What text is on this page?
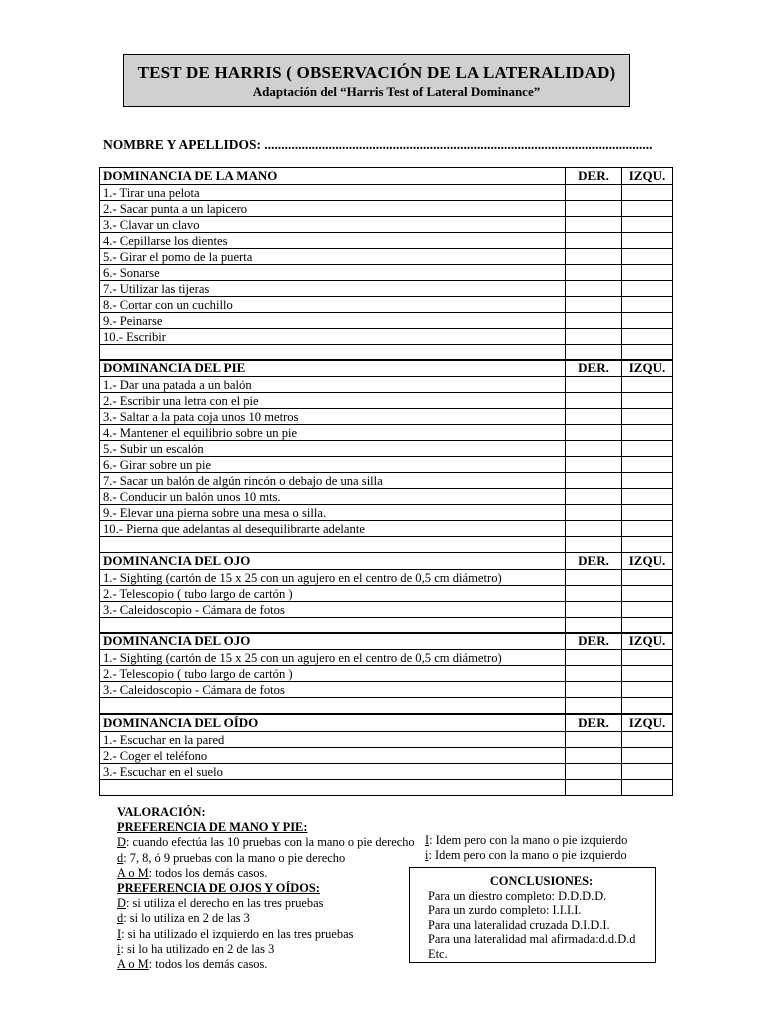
TEST DE HARRIS ( OBSERVACIÓN DE LA LATERALIDAD)
Adaptación del “Harris Test of Lateral Dominance”
NOMBRE Y APELLIDOS: ...................................................................................................................
DOMINANCIA DE LA MANO	DER.	IZQU.
1.- Tirar una pelota		
2.- Sacar punta a un lapicero		
3.- Clavar un clavo		
4.- Cepillarse los dientes		
5.- Girar el pomo de la puerta		
6.- Sonarse		
7.- Utilizar las tijeras		
8.- Cortar con un cuchillo		
9.- Peinarse		
10.- Escribir		

DOMINANCIA DEL PIE	DER.	IZQU.
1.- Dar una patada a un balón		
2.- Escribir una letra con el pie		
3.- Saltar a la pata coja unos 10 metros		
4.- Mantener el equilibrio sobre un pie		
5.- Subir un escalón		
6.- Girar sobre un pie		
7.- Sacar un balón de algún rincón o debajo de una silla		
8.- Conducir un balón unos 10 mts.		
9.- Elevar una pierna sobre una mesa o silla.		
10.- Pierna que adelantas al desequilibrarte adelante		

DOMINANCIA DEL OJO	DER.	IZQU.
1.- Sighting (cartón de 15 x 25 con un agujero en el centro de 0,5 cm diámetro)		
2.- Telescopio ( tubo largo de cartón )		
3.- Caleidoscopio - Cámara de fotos		

DOMINANCIA DEL OJO	DER.	IZQU.
1.- Sighting (cartón de 15 x 25 con un agujero en el centro de 0,5 cm diámetro)		
2.- Telescopio ( tubo largo de cartón )		
3.- Caleidoscopio - Cámara de fotos		

DOMINANCIA DEL OÍDO	DER.	IZQU.
1.- Escuchar en la pared		
2.- Coger el teléfono		
3.- Escuchar en el suelo		

VALORACIÓN:
PREFERENCIA DE MANO Y PIE:
D: cuando efectúa las 10 pruebas con la mano o pie derecho
d: 7, 8, ó 9 pruebas con la mano o pie derecho
A o M: todos los demás casos.
PREFERENCIA DE OJOS Y OÍDOS:
D: si utiliza el derecho en las tres pruebas
d: si lo utiliza en 2 de las 3
I: si ha utilizado el izquierdo en las tres pruebas
i: si lo ha utilizado en 2 de las 3
A o M: todos los demás casos.
I: Idem pero con la mano o pie izquierdo
i: Idem pero con la mano o pie izquierdo
CONCLUSIONES:
Para un diestro completo: D.D.D.D.
Para un zurdo completo: I.I.I.I.
Para una lateralidad cruzada D.I.D.I.
Para una lateralidad mal afirmada:d.d.D.d
Etc.
